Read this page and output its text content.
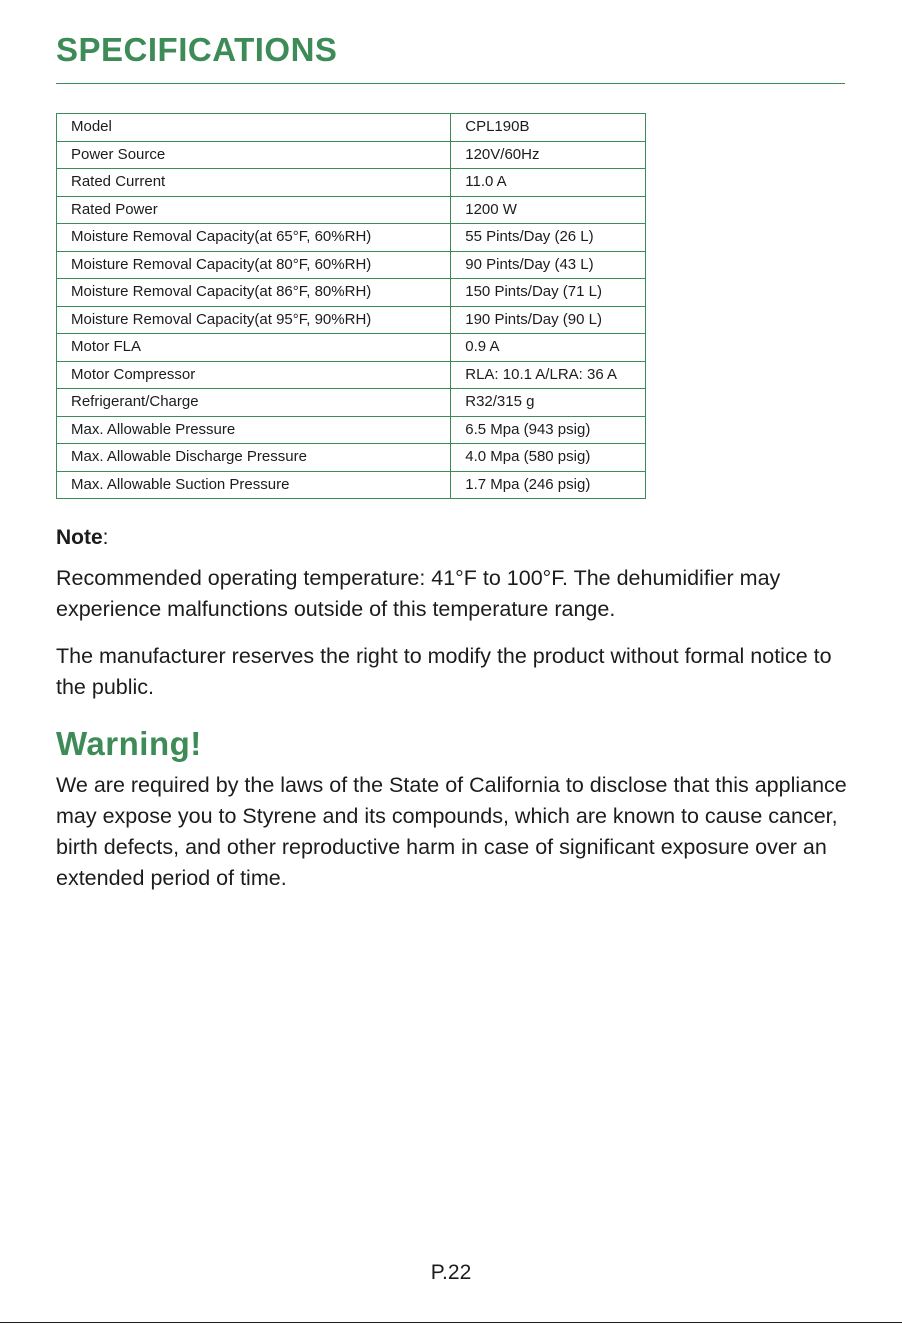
SPECIFICATIONS
Model	CPL190B
Power Source	120V/60Hz
Rated Current	11.0 A
Rated Power	1200 W
Moisture Removal Capacity(at 65°F, 60%RH)	55 Pints/Day (26 L)
Moisture Removal Capacity(at 80°F, 60%RH)	90 Pints/Day (43 L)
Moisture Removal Capacity(at 86°F, 80%RH)	150 Pints/Day (71 L)
Moisture Removal Capacity(at 95°F, 90%RH)	190 Pints/Day (90 L)
Motor FLA	0.9 A
Motor Compressor	RLA: 10.1 A/LRA: 36 A
Refrigerant/Charge	R32/315 g
Max. Allowable Pressure	6.5 Mpa (943 psig)
Max. Allowable Discharge Pressure	4.0 Mpa (580 psig)
Max. Allowable Suction Pressure	1.7 Mpa (246 psig)

Note:

Recommended operating temperature: 41°F to 100°F. The dehumidifier may experience malfunctions outside of this temperature range.

The manufacturer reserves the right to modify the product without formal notice to the public.

Warning!

We are required by the laws of the State of California to disclose that this appliance may expose you to Styrene and its compounds, which are known to cause cancer, birth defects, and other reproductive harm in case of significant exposure over an extended period of time.

P.22
